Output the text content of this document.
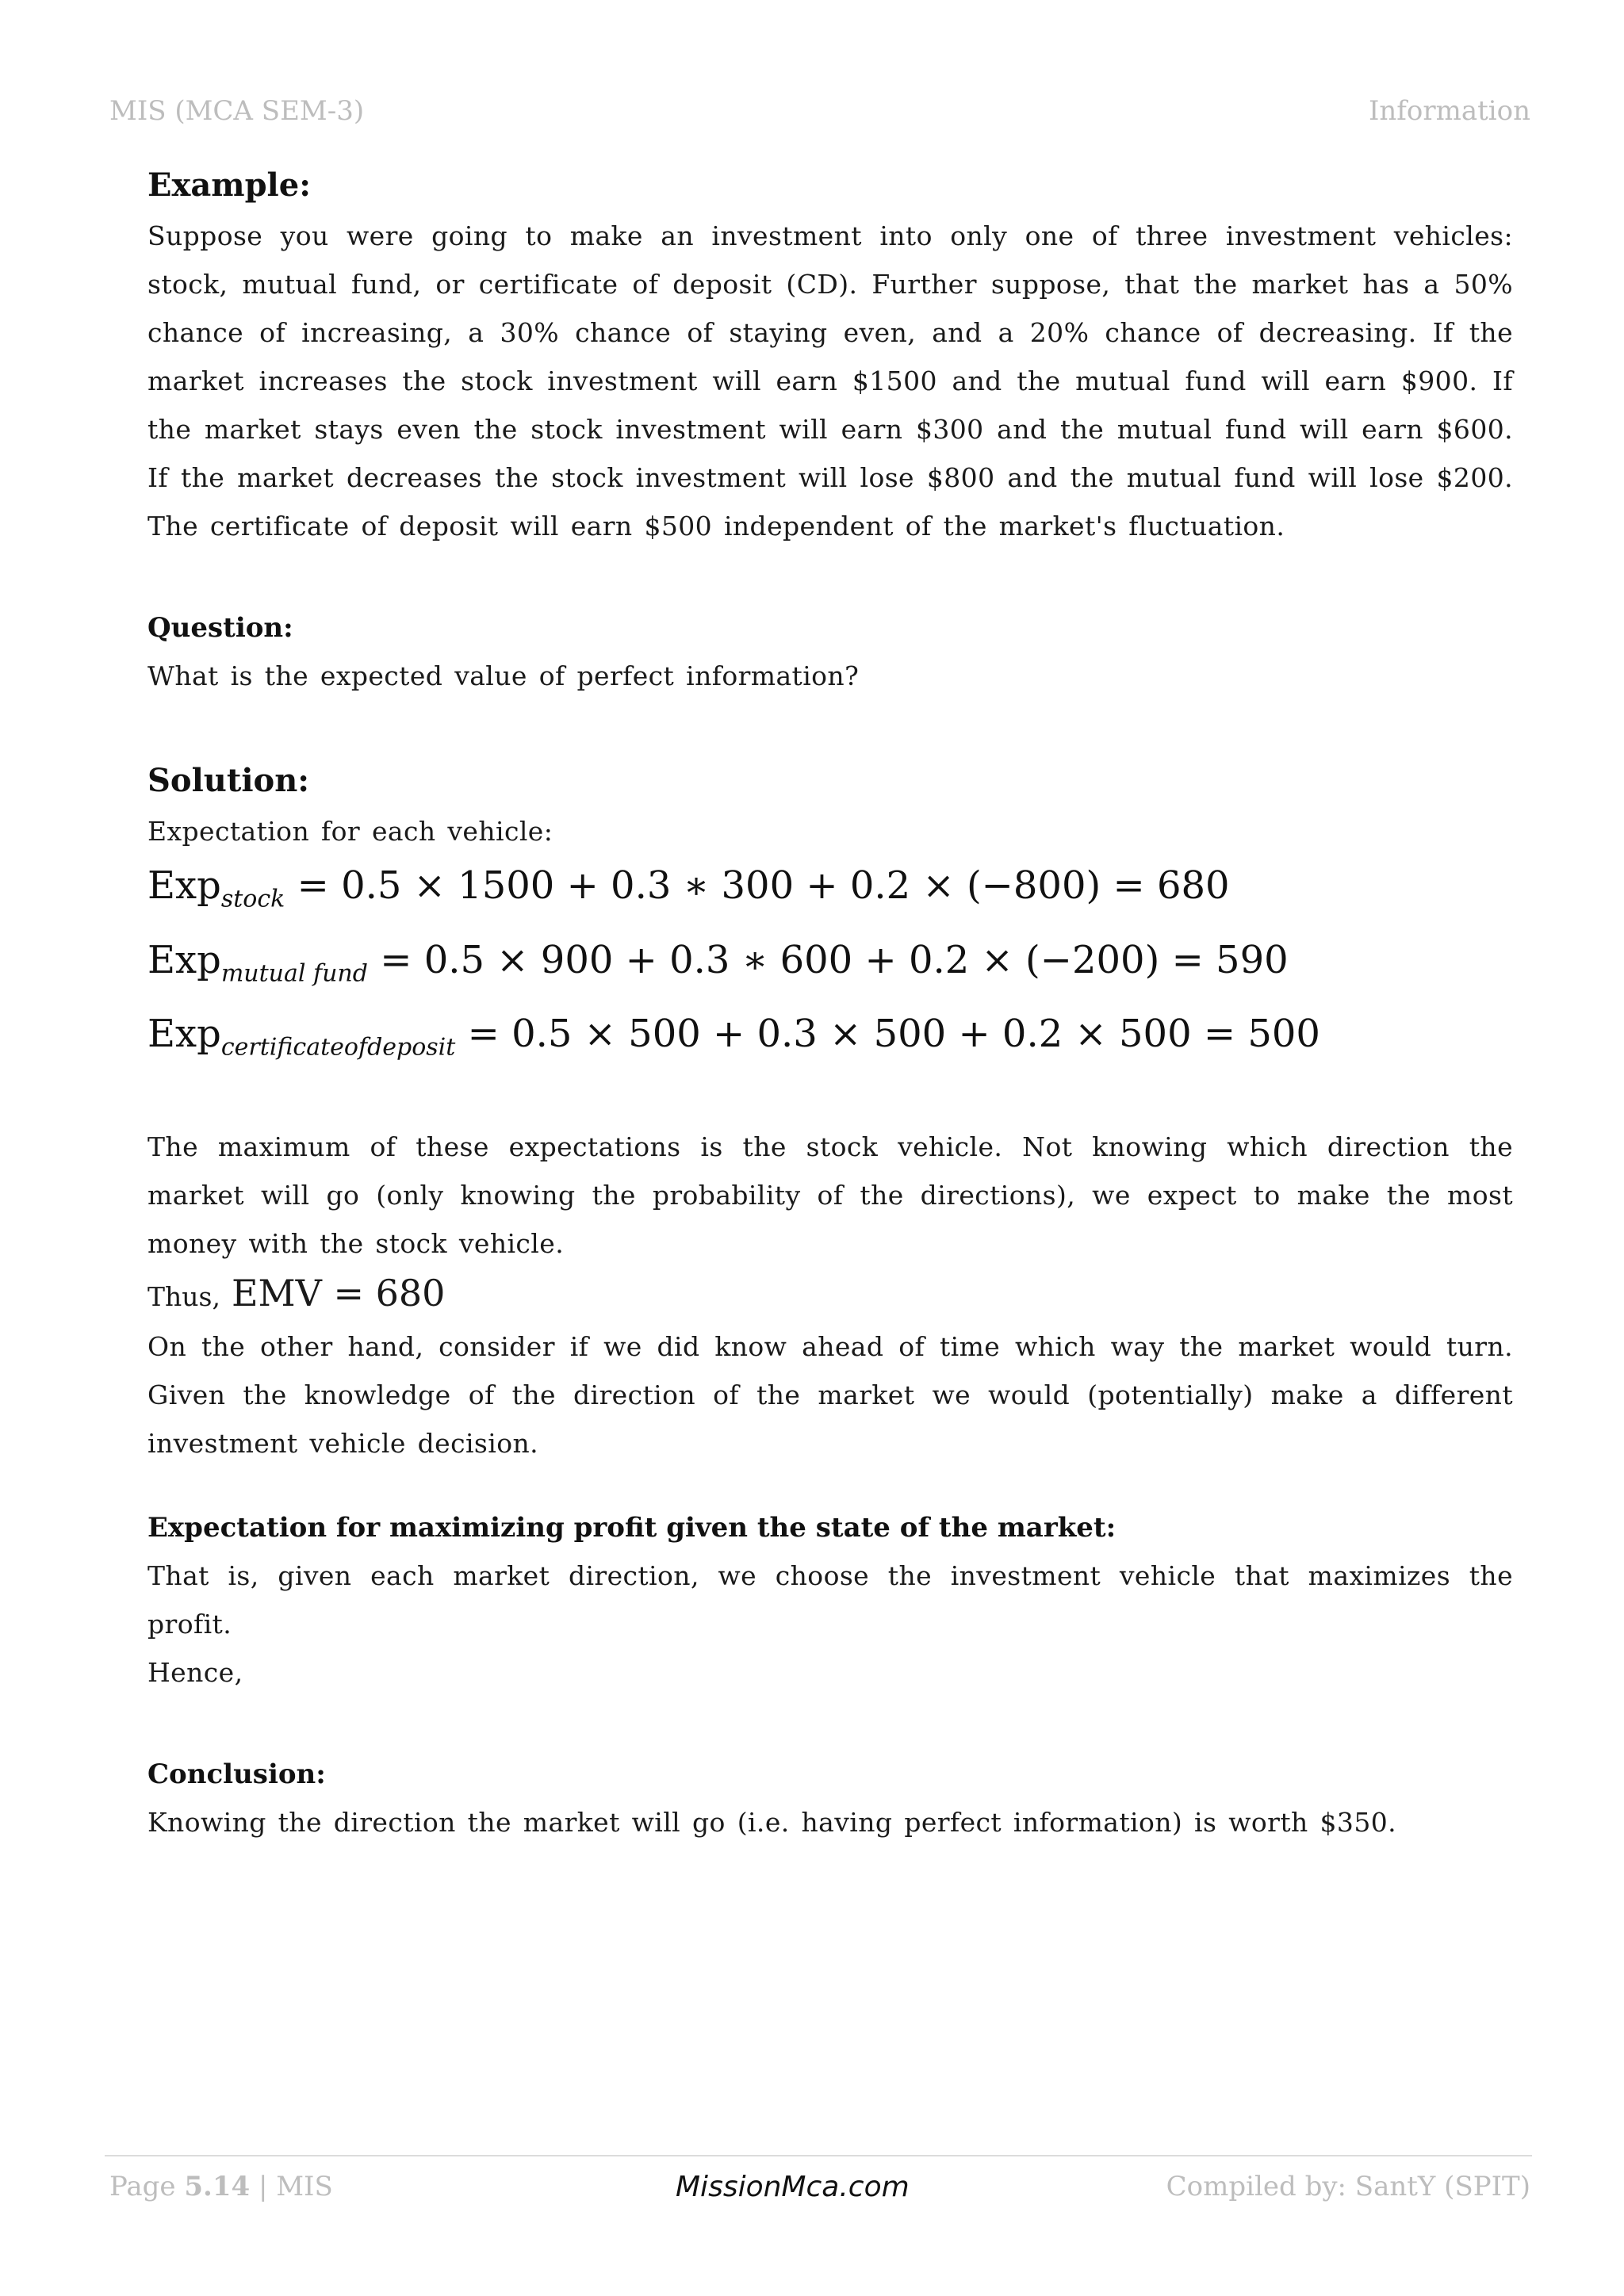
MIS (MCA SEM-3)	Information
Example:

Suppose you were going to make an investment into only one of three investment vehicles: stock, mutual fund, or certificate of deposit (CD). Further suppose, that the market has a 50% chance of increasing, a 30% chance of staying even, and a 20% chance of decreasing. If the market increases the stock investment will earn $1500 and the mutual fund will earn $900. If the market stays even the stock investment will earn $300 and the mutual fund will earn $600. If the market decreases the stock investment will lose $800 and the mutual fund will lose $200. The certificate of deposit will earn $500 independent of the market's fluctuation.

Question:

What is the expected value of perfect information?

Solution:

Expectation for each vehicle:

Exp$_{stock}$ = 0.5 × 1500 + 0.3 ∗ 300 + 0.2 × (−800) = 680
Exp$_{mutual fund}$ = 0.5 × 900 + 0.3 ∗ 600 + 0.2 × (−200) = 590
Exp$_{certificateofdeposit}$ = 0.5 × 500 + 0.3 × 500 + 0.2 × 500 = 500

The maximum of these expectations is the stock vehicle. Not knowing which direction the market will go (only knowing the probability of the directions), we expect to make the most money with the stock vehicle.

Thus, EMV = 680

On the other hand, consider if we did know ahead of time which way the market would turn. Given the knowledge of the direction of the market we would (potentially) make a different investment vehicle decision.

Expectation for maximizing profit given the state of the market:

That is, given each market direction, we choose the investment vehicle that maximizes the profit.

Hence,

Conclusion:

Knowing the direction the market will go (i.e. having perfect information) is worth $350.

Page 5.14 | MIS	MissionMca.com	Compiled by: SantY (SPIT)
